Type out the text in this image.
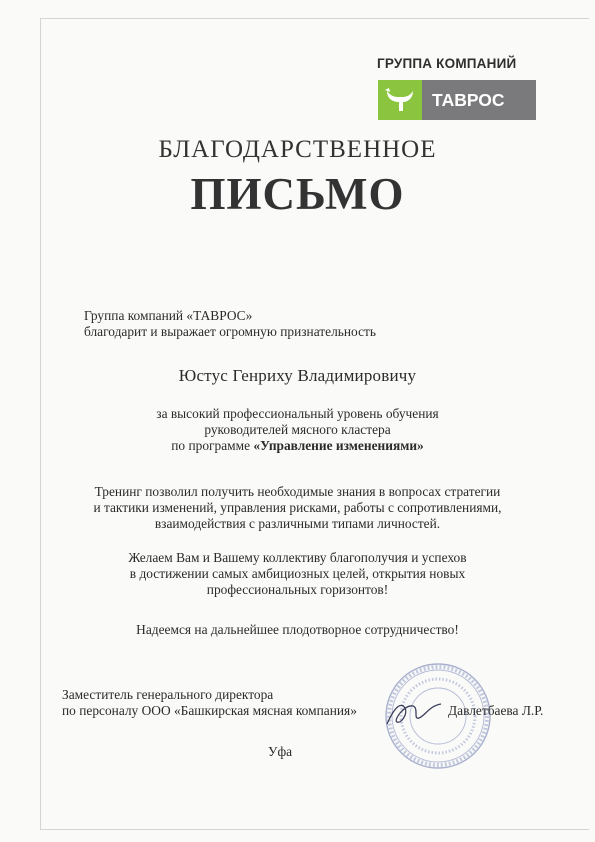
ГРУППА КОМПАНИЙ
ТАВРОС
БЛАГОДАРСТВЕННОЕ
ПИСЬМО
Группа компаний «ТАВРОС»
благодарит и выражает огромную признательность
Юстус Генриху Владимировичу
за высокий профессиональный уровень обучения
руководителей мясного кластера
по программе «Управление изменениями»
Тренинг позволил получить необходимые знания в вопросах стратегии
и тактики изменений, управления рисками, работы с сопротивлениями,
взаимодействия с различными типами личностей.
Желаем Вам и Вашему коллективу благополучия и успехов
в достижении самых амбициозных целей, открытия новых
профессиональных горизонтов!
Надеемся на дальнейшее плодотворное сотрудничество!
Заместитель генерального директора
по персоналу ООО «Башкирская мясная компания»	Давлетбаева Л.Р.
Уфа
